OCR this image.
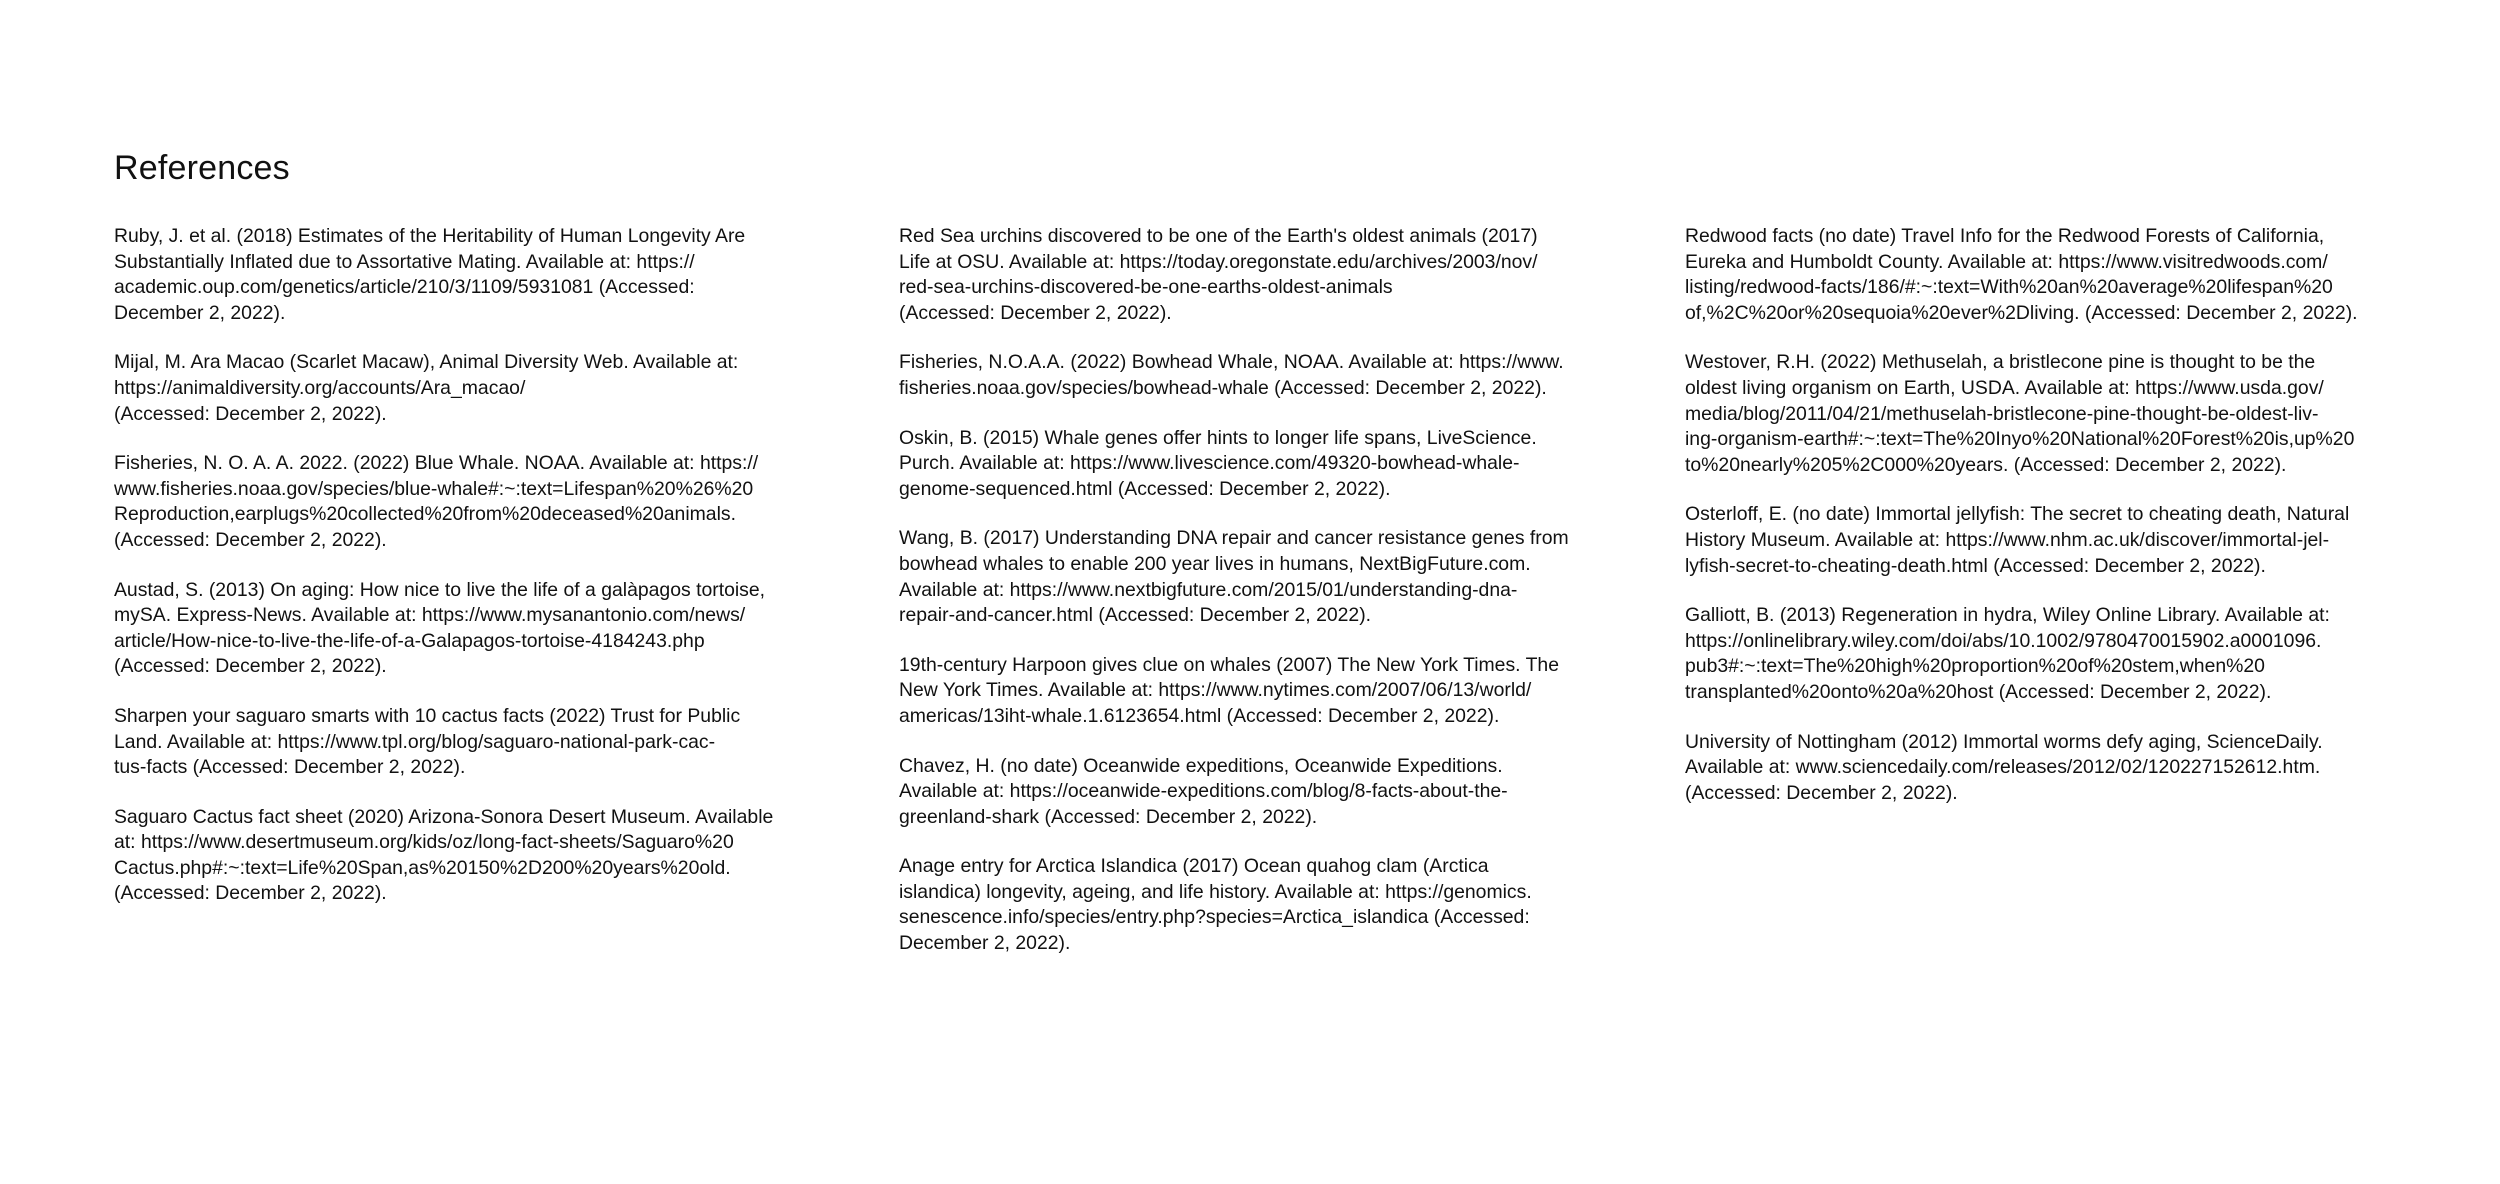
References

Ruby, J. et al. (2018) Estimates of the Heritability of Human Longevity Are
Substantially Inflated due to Assortative Mating. Available at: https://
academic.oup.com/genetics/article/210/3/1109/5931081 (Accessed:
December 2, 2022).

Mijal, M. Ara Macao (Scarlet Macaw), Animal Diversity Web. Available at:
https://animaldiversity.org/accounts/Ara_macao/
(Accessed: December 2, 2022).

Fisheries, N. O. A. A. 2022. (2022) Blue Whale. NOAA. Available at: https://
www.fisheries.noaa.gov/species/blue-whale#:~:text=Lifespan%20%26%20
Reproduction,earplugs%20collected%20from%20deceased%20animals.
(Accessed: December 2, 2022).

Austad, S. (2013) On aging: How nice to live the life of a galàpagos tortoise,
mySA. Express-News. Available at: https://www.mysanantonio.com/news/
article/How-nice-to-live-the-life-of-a-Galapagos-tortoise-4184243.php
(Accessed: December 2, 2022).

Sharpen your saguaro smarts with 10 cactus facts (2022) Trust for Public
Land. Available at: https://www.tpl.org/blog/saguaro-national-park-cac-
tus-facts (Accessed: December 2, 2022).

Saguaro Cactus fact sheet (2020) Arizona-Sonora Desert Museum. Available
at: https://www.desertmuseum.org/kids/oz/long-fact-sheets/Saguaro%20
Cactus.php#:~:text=Life%20Span,as%20150%2D200%20years%20old.
(Accessed: December 2, 2022).

Red Sea urchins discovered to be one of the Earth's oldest animals (2017)
Life at OSU. Available at: https://today.oregonstate.edu/archives/2003/nov/
red-sea-urchins-discovered-be-one-earths-oldest-animals
(Accessed: December 2, 2022).

Fisheries, N.O.A.A. (2022) Bowhead Whale, NOAA. Available at: https://www.
fisheries.noaa.gov/species/bowhead-whale (Accessed: December 2, 2022).

Oskin, B. (2015) Whale genes offer hints to longer life spans, LiveScience.
Purch. Available at: https://www.livescience.com/49320-bowhead-whale-
genome-sequenced.html (Accessed: December 2, 2022).

Wang, B. (2017) Understanding DNA repair and cancer resistance genes from
bowhead whales to enable 200 year lives in humans, NextBigFuture.com.
Available at: https://www.nextbigfuture.com/2015/01/understanding-dna-
repair-and-cancer.html (Accessed: December 2, 2022).

19th-century Harpoon gives clue on whales (2007) The New York Times. The
New York Times. Available at: https://www.nytimes.com/2007/06/13/world/
americas/13iht-whale.1.6123654.html (Accessed: December 2, 2022).

Chavez, H. (no date) Oceanwide expeditions, Oceanwide Expeditions.
Available at: https://oceanwide-expeditions.com/blog/8-facts-about-the-
greenland-shark (Accessed: December 2, 2022).

Anage entry for Arctica Islandica (2017) Ocean quahog clam (Arctica
islandica) longevity, ageing, and life history. Available at: https://genomics.
senescence.info/species/entry.php?species=Arctica_islandica (Accessed:
December 2, 2022).

Redwood facts (no date) Travel Info for the Redwood Forests of California,
Eureka and Humboldt County. Available at: https://www.visitredwoods.com/
listing/redwood-facts/186/#:~:text=With%20an%20average%20lifespan%20
of,%2C%20or%20sequoia%20ever%2Dliving. (Accessed: December 2, 2022).

Westover, R.H. (2022) Methuselah, a bristlecone pine is thought to be the
oldest living organism on Earth, USDA. Available at: https://www.usda.gov/
media/blog/2011/04/21/methuselah-bristlecone-pine-thought-be-oldest-liv-
ing-organism-earth#:~:text=The%20Inyo%20National%20Forest%20is,up%20
to%20nearly%205%2C000%20years. (Accessed: December 2, 2022).

Osterloff, E. (no date) Immortal jellyfish: The secret to cheating death, Natural
History Museum. Available at: https://www.nhm.ac.uk/discover/immortal-jel-
lyfish-secret-to-cheating-death.html (Accessed: December 2, 2022).

Galliott, B. (2013) Regeneration in hydra, Wiley Online Library. Available at:
https://onlinelibrary.wiley.com/doi/abs/10.1002/9780470015902.a0001096.
pub3#:~:text=The%20high%20proportion%20of%20stem,when%20
transplanted%20onto%20a%20host (Accessed: December 2, 2022).

University of Nottingham (2012) Immortal worms defy aging, ScienceDaily.
Available at: www.sciencedaily.com/releases/2012/02/120227152612.htm.
(Accessed: December 2, 2022).
